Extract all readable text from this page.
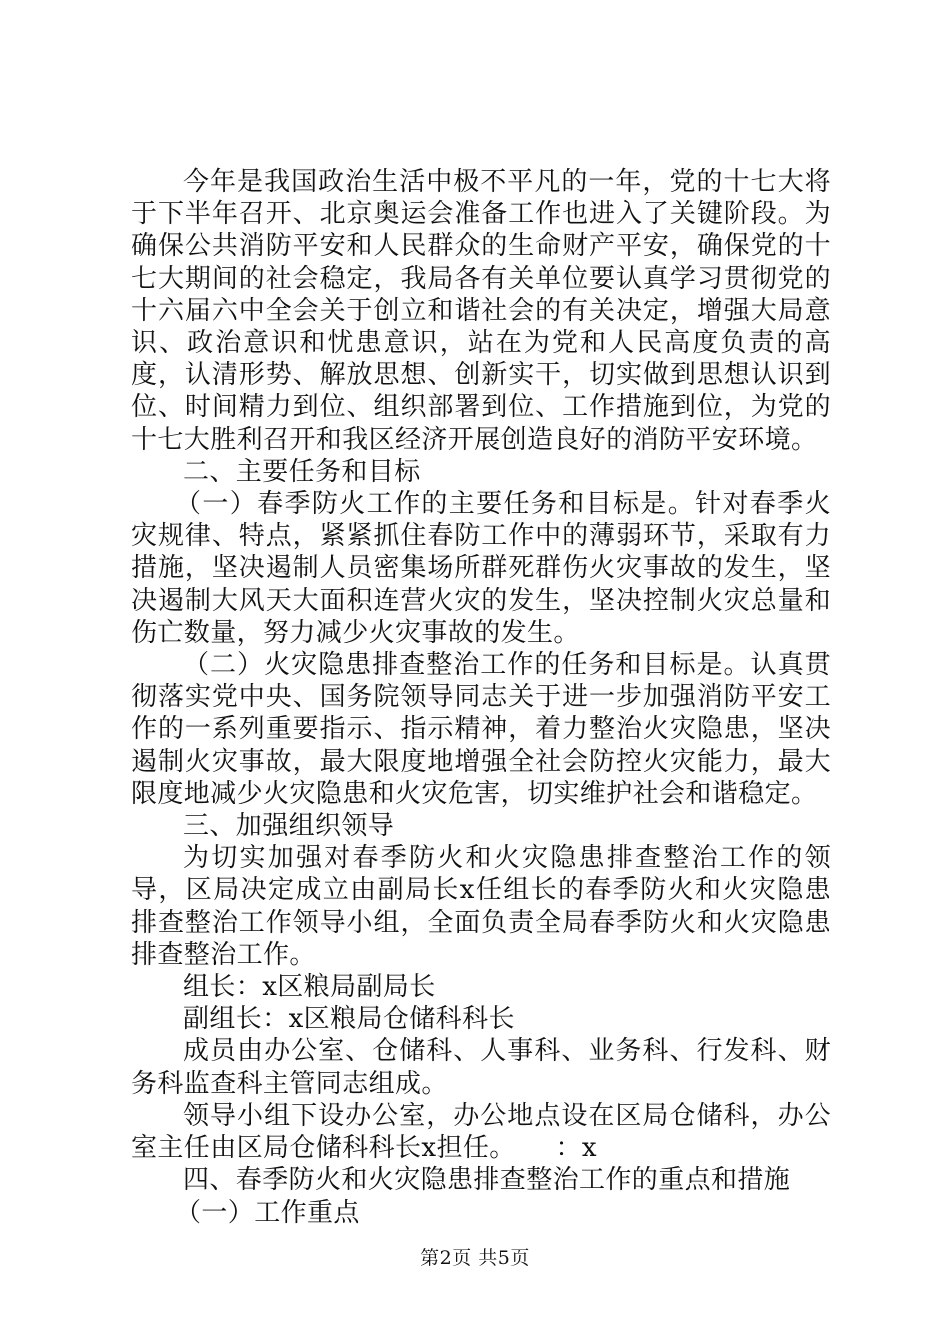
今年是我国政治生活中极不平凡的一年，党的十七大将于下半年召开、北京奥运会准备工作也进入了关键阶段。为确保公共消防平安和人民群众的生命财产平安，确保党的十七大期间的社会稳定，我局各有关单位要认真学习贯彻党的十六届六中全会关于创立和谐社会的有关决定，增强大局意识、政治意识和忧患意识，站在为党和人民高度负责的高度，认清形势、解放思想、创新实干，切实做到思想认识到位、时间精力到位、组织部署到位、工作措施到位，为党的十七大胜利召开和我区经济开展创造良好的消防平安环境。

二、主要任务和目标

（一）春季防火工作的主要任务和目标是。针对春季火灾规律、特点，紧紧抓住春防工作中的薄弱环节，采取有力措施，坚决遏制人员密集场所群死群伤火灾事故的发生，坚决遏制大风天大面积连营火灾的发生，坚决控制火灾总量和伤亡数量，努力减少火灾事故的发生。

（二）火灾隐患排查整治工作的任务和目标是。认真贯彻落实党中央、国务院领导同志关于进一步加强消防平安工作的一系列重要指示、指示精神，着力整治火灾隐患，坚决遏制火灾事故，最大限度地增强全社会防控火灾能力，最大限度地减少火灾隐患和火灾危害，切实维护社会和谐稳定。

三、加强组织领导

为切实加强对春季防火和火灾隐患排查整治工作的领导，区局决定成立由副局长x任组长的春季防火和火灾隐患排查整治工作领导小组，全面负责全局春季防火和火灾隐患排查整治工作。

组长：x区粮局副局长

副组长：x区粮局仓储科科长

成员由办公室、仓储科、人事科、业务科、行发科、财务科监查科主管同志组成。

领导小组下设办公室，办公地点设在区局仓储科，办公室主任由区局仓储科科长x担任。　　：x

四、春季防火和火灾隐患排查整治工作的重点和措施

（一）工作重点

第2页 共5页
